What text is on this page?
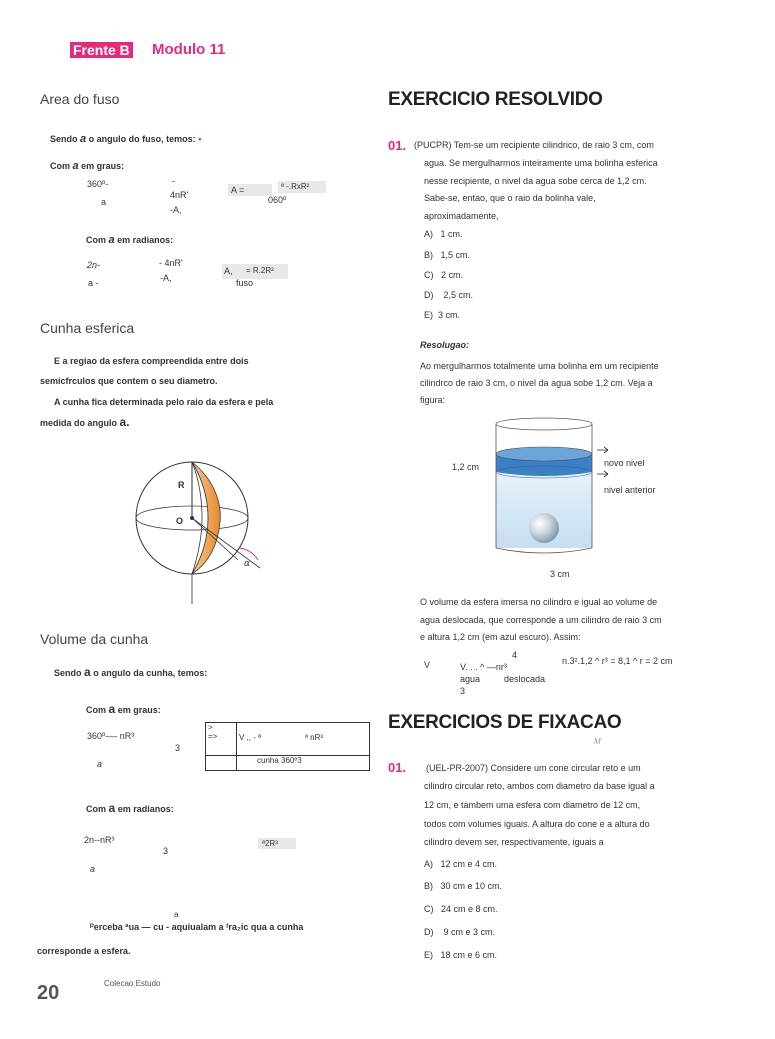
Frente B Modulo 11
Area do fuso
Sendo a o angulo do fuso, temos: •
Com a em graus:
360º-
a
-
4nR'
-A,
A =	ª -.RxR²
060º
Com a em radianos:
2n-
a -
- 4nR'
-A,
A, = R.2R²
fuso
Cunha esferica
E a regiao da esfera compreendida entre dois
semicfrculos que contem o seu diametro.
A cunha fica determinada pelo raio da esfera e pela
medida do angulo a.
R
O
α
Volume da cunha
Sendo a o angulo da cunha, temos:
Com a em graus:
360º-— nR³
3
a
>
=>	V ,, - ª	ª nR³
	cunha 360º3	
Com a em radianos:
2n--nR³
3
a
ª2R³
a
ᴾerceba ªua — cu - aquiualam a ᶠra₂ic qua a cunha
corresponde a esfera.
EXERCICIO RESOLVIDO
01. (PUCPR) Tem-se um recipiente cilindrico, de raio 3 cm, com
agua. Se mergulharmos inteiramente uma bolinha esferica
nesse recipiente, o nivel da agua sobe cerca de 1,2 cm.
Sabe-se, entao, que o raio da bolinha vale,
aproximadamente,
A) 1 cm.
B) 1,5 cm.
C) 2 cm.
D) 2,5 cm.
E) 3 cm.
Resolugao:
Ao mergulharmos totalmente uma bolinha em um recipiente
cilindrco de raio 3 cm, o nivel da agua sobe 1,2 cm. Veja a
figura:
1,2 cm	novo nivel
nivel anterior
3 cm
O volume da esfera imersa no cilindro e igual ao volume de
agua deslocada, que corresponde a um cilindro de raio 3 cm
e altura 1,2 cm (em azul escuro). Assim:
4
V	V. . . ^ —nr³
agua	deslocada
3
n.3².1,2 ^ r³ = 8,1 ^ r = 2 cm
EXERCICIOS DE FIXACAO
M
01. (UEL-PR-2007) Considere um cone circular reto e um
cilindro circular reto, ambos com diametro da base igual a
12 cm, e tambem uma esfera com diametro de 12 cm,
todos com volumes iguais. A altura do cone e a altura do
cilindro devem ser, respectivamente, iguais a
A) 12 cm e 4 cm.
B) 30 cm e 10 cm.
C) 24 cm e 8 cm.
D) 9 cm e 3 cm.
E) 18 cm e 6 cm.
20	Colecao Estudo
